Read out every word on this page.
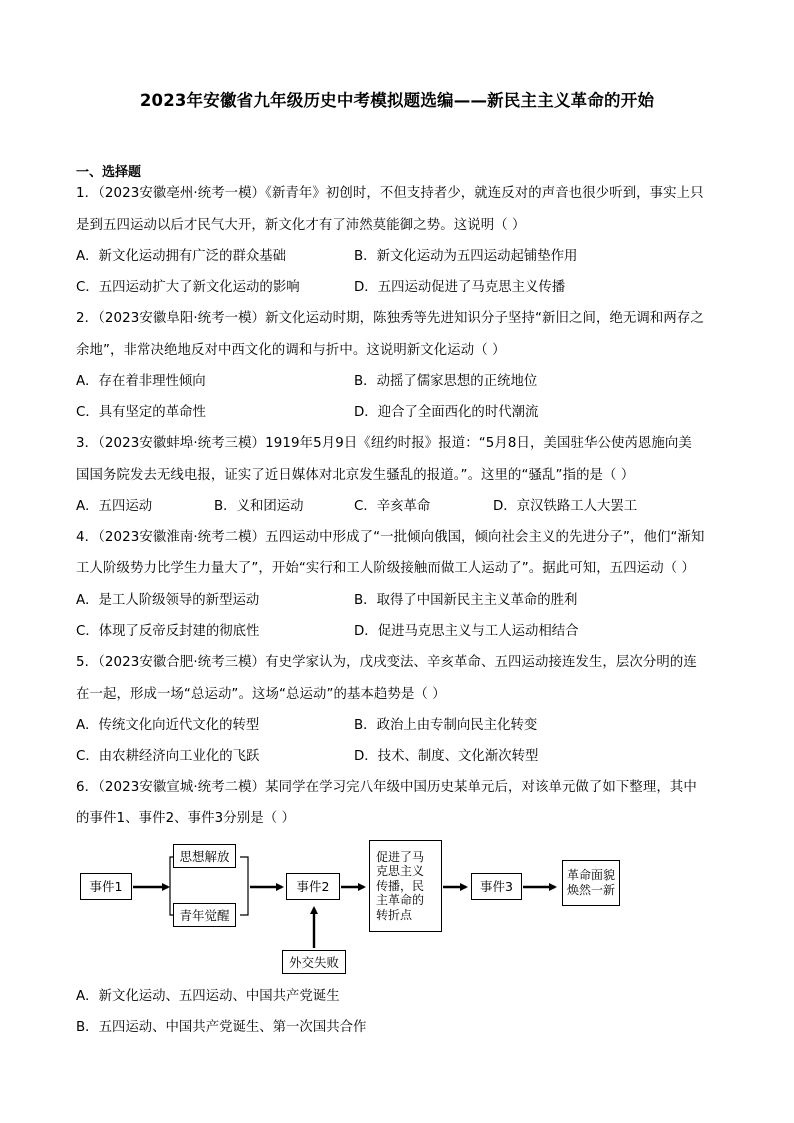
2023年安徽省九年级历史中考模拟题选编——新民主主义革命的开始
一、选择题
1．（2023安徽亳州·统考一模）《新青年》初创时，不但支持者少，就连反对的声音也很少听到，事实上只
是到五四运动以后才民气大开，新文化才有了沛然莫能御之势。这说明（ ）
A．新文化运动拥有广泛的群众基础	B．新文化运动为五四运动起铺垫作用
C．五四运动扩大了新文化运动的影响	D．五四运动促进了马克思主义传播
2．（2023安徽阜阳·统考一模）新文化运动时期，陈独秀等先进知识分子坚持“新旧之间，绝无调和两存之
余地”，非常决绝地反对中西文化的调和与折中。这说明新文化运动（ ）
A．存在着非理性倾向	B．动摇了儒家思想的正统地位
C．具有坚定的革命性	D．迎合了全面西化的时代潮流
3．（2023安徽蚌埠·统考三模）1919年5月9日《纽约时报》报道：“5月8日，美国驻华公使芮恩施向美
国国务院发去无线电报，证实了近日媒体对北京发生骚乱的报道。”。这里的“骚乱”指的是（ ）
A．五四运动	B．义和团运动	C．辛亥革命	D．京汉铁路工人大罢工
4．（2023安徽淮南·统考二模）五四运动中形成了“一批倾向俄国，倾向社会主义的先进分子”，他们“渐知
工人阶级势力比学生力量大了”，开始“实行和工人阶级接触而做工人运动了”。据此可知，五四运动（ ）
A．是工人阶级领导的新型运动	B．取得了中国新民主主义革命的胜利
C．体现了反帝反封建的彻底性	D．促进马克思主义与工人运动相结合
5．（2023安徽合肥·统考三模）有史学家认为，戊戌变法、辛亥革命、五四运动接连发生，层次分明的连
在一起，形成一场“总运动”。这场“总运动”的基本趋势是（ ）
A．传统文化向近代文化的转型	B．政治上由专制向民主化转变
C．由农耕经济向工业化的飞跃	D．技术、制度、文化渐次转型
6．（2023安徽宣城·统考二模）某同学在学习完八年级中国历史某单元后，对该单元做了如下整理，其中
的事件1、事件2、事件3分别是（ ）
事件1
思想解放
青年觉醒
事件2
外交失败
促进了马
克思主义
传播，民
主革命的
转折点
事件3
革命面貌
焕然一新
A．新文化运动、五四运动、中国共产党诞生
B．五四运动、中国共产党诞生、第一次国共合作
